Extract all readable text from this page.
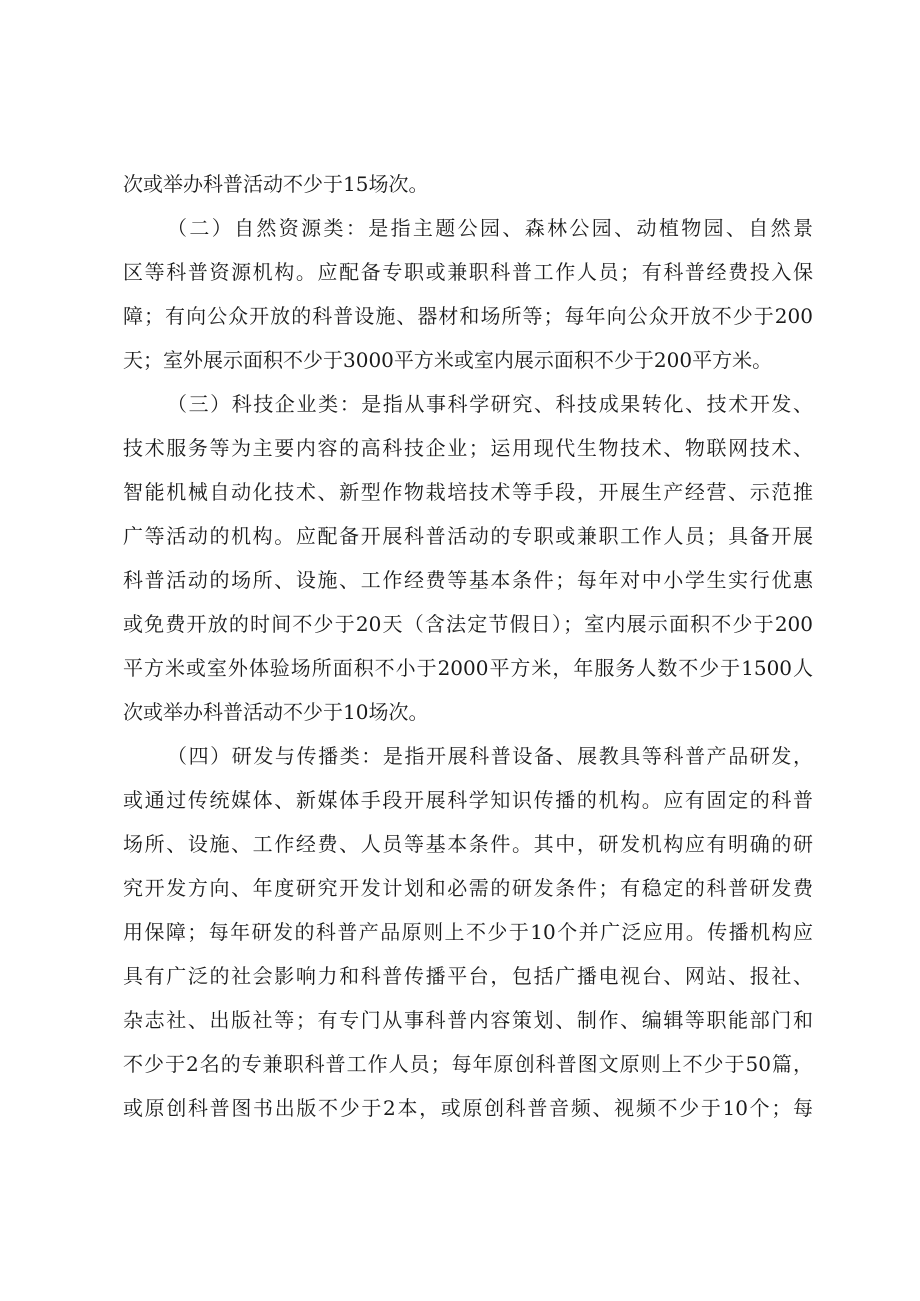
次或举办科普活动不少于15场次。
（二）自然资源类：是指主题公园、森林公园、动植物园、自然景
区等科普资源机构。应配备专职或兼职科普工作人员；有科普经费投入保
障；有向公众开放的科普设施、器材和场所等；每年向公众开放不少于200
天；室外展示面积不少于3000平方米或室内展示面积不少于200平方米。
（三）科技企业类：是指从事科学研究、科技成果转化、技术开发、
技术服务等为主要内容的高科技企业；运用现代生物技术、物联网技术、
智能机械自动化技术、新型作物栽培技术等手段，开展生产经营、示范推
广等活动的机构。应配备开展科普活动的专职或兼职工作人员；具备开展
科普活动的场所、设施、工作经费等基本条件；每年对中小学生实行优惠
或免费开放的时间不少于20天（含法定节假日）；室内展示面积不少于200
平方米或室外体验场所面积不小于2000平方米，年服务人数不少于1500人
次或举办科普活动不少于10场次。
（四）研发与传播类：是指开展科普设备、展教具等科普产品研发，
或通过传统媒体、新媒体手段开展科学知识传播的机构。应有固定的科普
场所、设施、工作经费、人员等基本条件。其中，研发机构应有明确的研
究开发方向、年度研究开发计划和必需的研发条件；有稳定的科普研发费
用保障；每年研发的科普产品原则上不少于10个并广泛应用。传播机构应
具有广泛的社会影响力和科普传播平台，包括广播电视台、网站、报社、
杂志社、出版社等；有专门从事科普内容策划、制作、编辑等职能部门和
不少于2名的专兼职科普工作人员；每年原创科普图文原则上不少于50篇，
或原创科普图书出版不少于2本，或原创科普音频、视频不少于10个；每
